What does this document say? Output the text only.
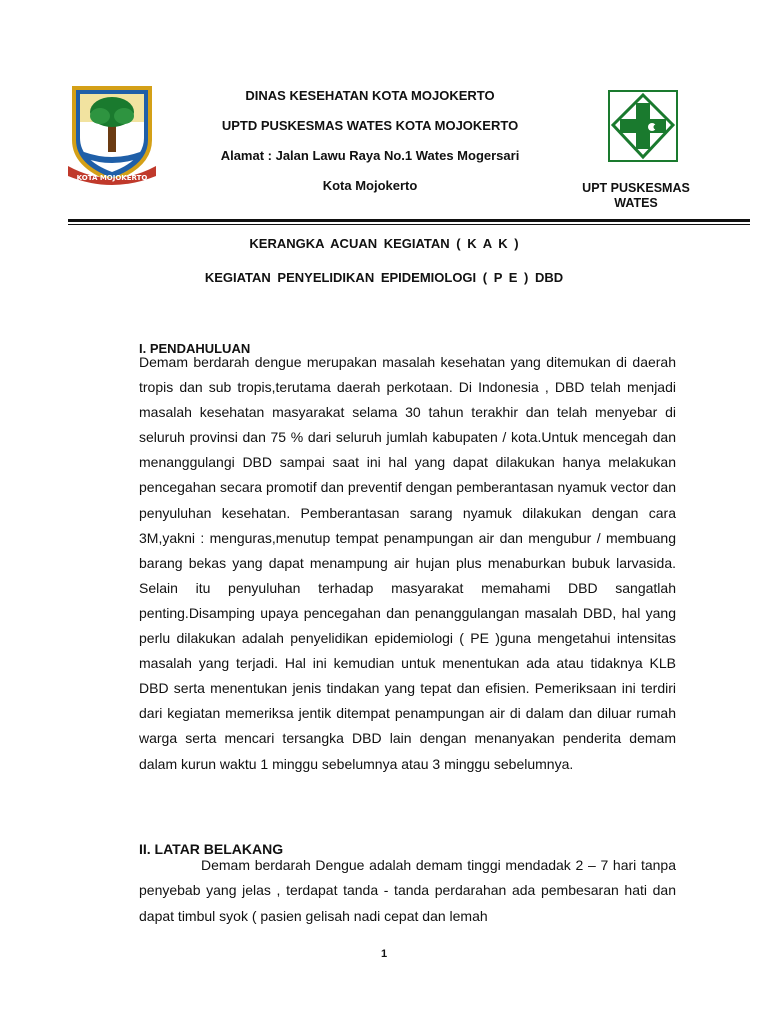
KOTA MOJOKERTO
DINAS KESEHATAN KOTA MOJOKERTO
UPTD PUSKESMAS WATES KOTA MOJOKERTO
Alamat : Jalan Lawu Raya No.1 Wates Mogersari
Kota Mojokerto	UPT PUSKESMAS WATES
KERANGKA ACUAN KEGIATAN ( K A K )
KEGIATAN PENYELIDIKAN EPIDEMIOLOGI ( P E ) DBD
I. PENDAHULUAN
Demam berdarah dengue merupakan masalah kesehatan yang ditemukan di daerah tropis dan sub tropis,terutama daerah perkotaan. Di Indonesia , DBD telah menjadi masalah kesehatan masyarakat selama 30 tahun terakhir dan telah menyebar di seluruh provinsi dan 75 % dari seluruh jumlah kabupaten / kota.Untuk mencegah dan menanggulangi DBD sampai saat ini hal yang dapat dilakukan hanya melakukan pencegahan secara promotif dan preventif dengan pemberantasan nyamuk vector dan penyuluhan kesehatan. Pemberantasan sarang nyamuk dilakukan dengan cara 3M,yakni : menguras,menutup tempat penampungan air dan mengubur / membuang barang bekas yang dapat menampung air hujan plus menaburkan bubuk larvasida. Selain itu penyuluhan terhadap masyarakat memahami DBD sangatlah penting.Disamping upaya pencegahan dan penanggulangan masalah DBD, hal yang perlu dilakukan adalah penyelidikan epidemiologi ( PE )guna mengetahui intensitas masalah yang terjadi. Hal ini kemudian untuk menentukan ada atau tidaknya KLB DBD serta menentukan jenis tindakan yang tepat dan efisien. Pemeriksaan ini terdiri dari kegiatan memeriksa jentik ditempat penampungan air di dalam dan diluar rumah warga serta mencari tersangka DBD lain dengan menanyakan penderita demam dalam kurun waktu 1 minggu sebelumnya atau 3 minggu sebelumnya.
II. LATAR BELAKANG
Demam berdarah Dengue adalah demam tinggi mendadak 2 – 7 hari tanpa penyebab yang jelas , terdapat tanda - tanda perdarahan ada pembesaran hati dan dapat timbul syok ( pasien gelisah nadi cepat dan lemah
1
